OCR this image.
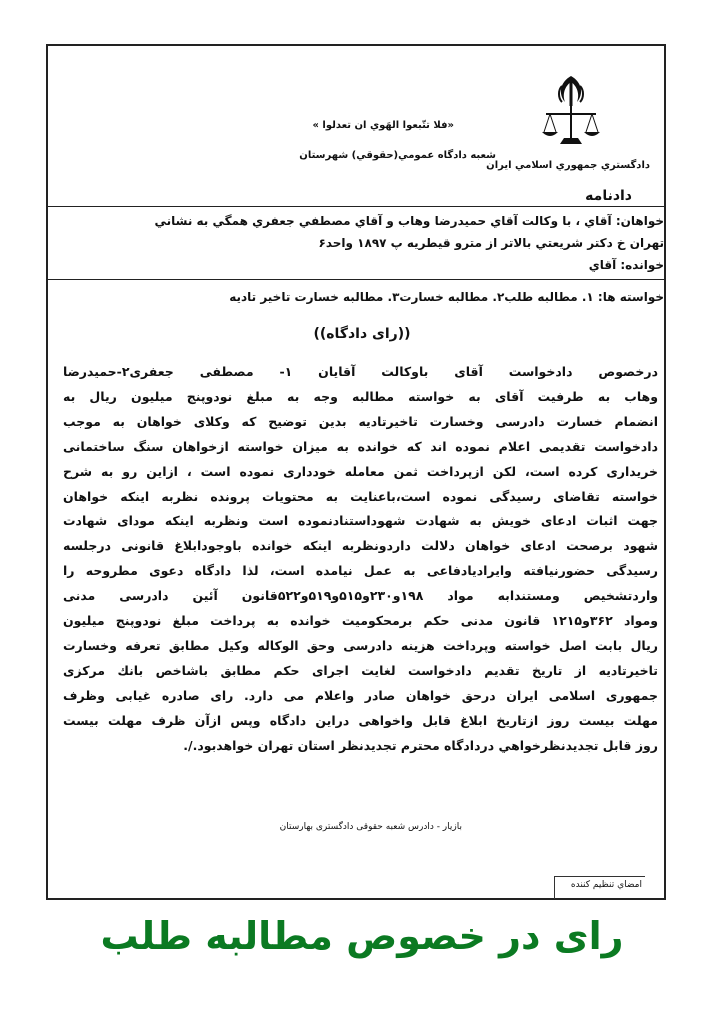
دادگستري جمهوري اسلامي ايران
دادنامه
«فلا تتّبعوا الهَوي ان تعدلوا »
شعبه دادگاه عمومي(حقوقي) شهرستان
خواهان: آقاي ، با وكالت آقاي حميدرضا وهاب و آقاي مصطفي جعفري همگي به نشاني
تهران خ دكتر شريعتي بالاتر از مترو قيطريه پ ۱۸۹۷ واحد۶
خوانده: آقاي
خواسته ها: ۱. مطالبه طلب۲. مطالبه خسارت۳. مطالبه خسارت تاخير تاديه
((راى دادگاه))
درخصوص دادخواست آقاى باوكالت آقايان ۱- مصطفى جعفرى۲-حميدرضا
وهاب به طرفيت آقاى به خواسته مطالبه وجه به مبلغ نودوپنج ميليون ريال به
انضمام خسارت دادرسى وخسارت تاخيرتاديه بدين توضيح كه وكلاى خواهان به موجب
دادخواست تقديمى اعلام نموده اند كه خوانده به ميزان خواسته ازخواهان سنگ ساختمانى
خريدارى كرده است، لكن ازپرداخت ثمن معامله خوددارى نموده است ، ازاين رو به شرح
خواسته تقاضاى رسيدگى نموده است،باعنايت به محتويات پرونده نظربه اينكه خواهان
جهت اثبات ادعاى خويش به شهادت شهوداستنادنموده است ونظربه اينكه موداى شهادت
شهود برصحت ادعاى خواهان دلالت داردونظربه اينكه خوانده باوجودابلاغ قانونى درجلسه
رسيدگى حضورنيافته وايراديادفاعى به عمل نيامده است، لذا دادگاه دعوى مطروحه را
واردتشخيص ومستندابه مواد ۱۹۸و۲۳۰و۵۱۵و۵۱۹و۵۲۲قانون آئين دادرسى مدنى
ومواد ۳۶۲و۱۲۱۵ قانون مدنى حكم برمحكوميت خوانده به پرداخت مبلغ نودوپنج ميليون
ريال بابت اصل خواسته وپرداخت هزينه دادرسى وحق الوكاله وكيل مطابق تعرفه وخسارت
تاخيرتاديه از تاريخ تقديم دادخواست لغايت اجراى حكم مطابق باشاخص بانك مركزى
جمهورى اسلامى ايران درحق خواهان صادر واعلام مى دارد. راى صادره غيابى وظرف
مهلت بيست روز ازتاريخ ابلاغ قابل واخواهى دراين دادگاه وپس ازآن ظرف مهلت بيست
روز قابل تجديدنظرخواهي دردادگاه محترم تجديدنظر استان تهران خواهدبود./.
بازيار - دادرس شعبه حقوقى دادگسترى بهارستان
امضاي تنظيم كننده
راى در خصوص مطالبه طلب
